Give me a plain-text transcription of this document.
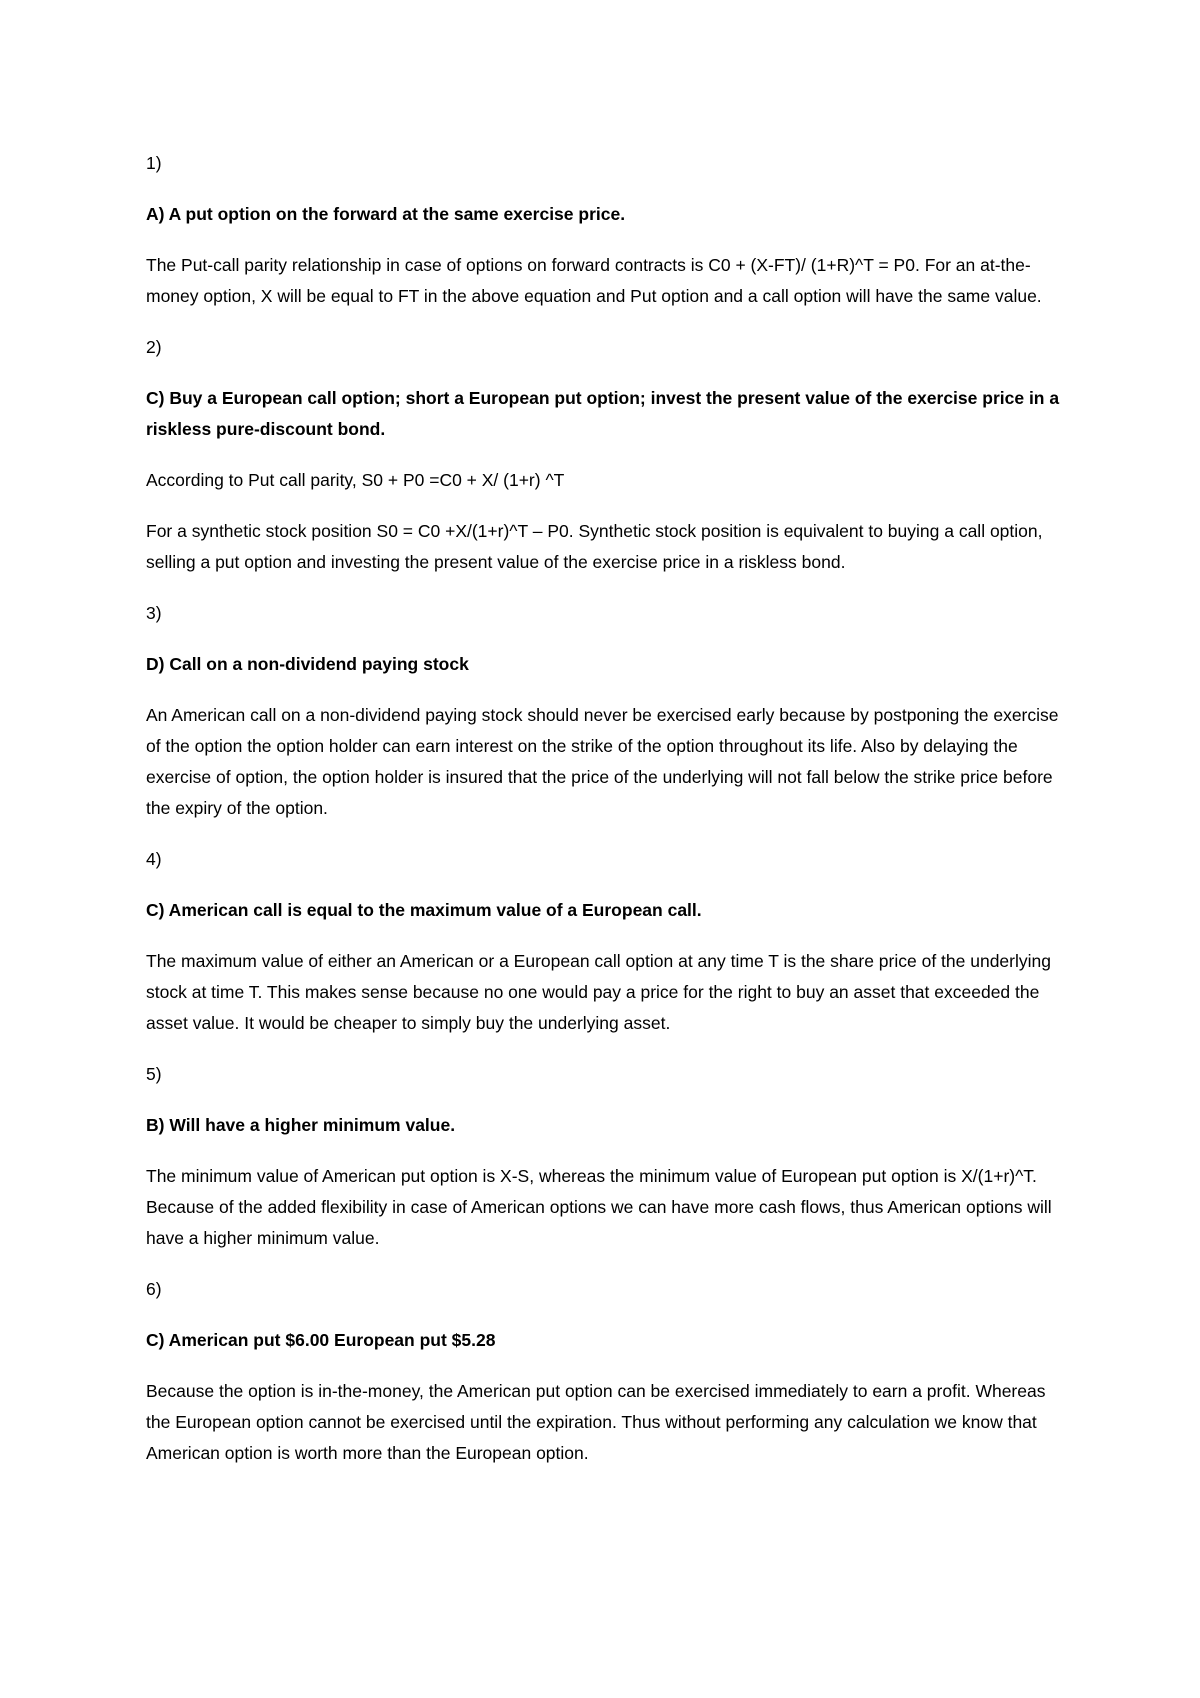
1)

A) A put option on the forward at the same exercise price.

The Put-call parity relationship in case of options on forward contracts is C0 + (X-FT)/ (1+R)^T = P0. For an at-the-money option, X will be equal to FT in the above equation and Put option and a call option will have the same value.

2)

C) Buy a European call option; short a European put option; invest the present value of the exercise price in a riskless pure-discount bond.

According to Put call parity, S0 + P0 =C0 + X/ (1+r) ^T

For a synthetic stock position S0 = C0 +X/(1+r)^T – P0. Synthetic stock position is equivalent to buying a call option, selling a put option and investing the present value of the exercise price in a riskless bond.

3)

D) Call on a non-dividend paying stock

An American call on a non-dividend paying stock should never be exercised early because by postponing the exercise of the option the option holder can earn interest on the strike of the option throughout its life. Also by delaying the exercise of option, the option holder is insured that the price of the underlying will not fall below the strike price before the expiry of the option.

4)

C) American call is equal to the maximum value of a European call.

The maximum value of either an American or a European call option at any time T is the share price of the underlying stock at time T. This makes sense because no one would pay a price for the right to buy an asset that exceeded the asset value. It would be cheaper to simply buy the underlying asset.

5)

B) Will have a higher minimum value.

The minimum value of American put option is X-S, whereas the minimum value of European put option is X/(1+r)^T. Because of the added flexibility in case of American options we can have more cash flows, thus American options will have a higher minimum value.

6)

C) American put $6.00 European put $5.28

Because the option is in-the-money, the American put option can be exercised immediately to earn a profit. Whereas the European option cannot be exercised until the expiration. Thus without performing any calculation we know that American option is worth more than the European option.
